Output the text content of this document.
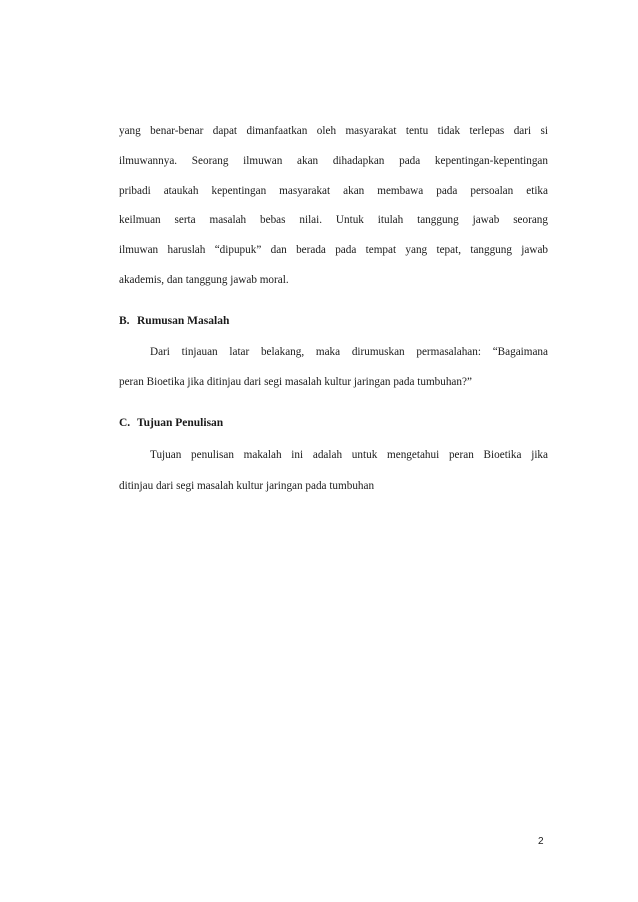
yang benar-benar dapat dimanfaatkan oleh masyarakat tentu tidak terlepas dari si
ilmuwannya. Seorang ilmuwan akan dihadapkan pada kepentingan-kepentingan
pribadi ataukah kepentingan masyarakat akan membawa pada persoalan etika
keilmuan serta masalah bebas nilai. Untuk itulah tanggung jawab seorang
ilmuwan haruslah “dipupuk” dan berada pada tempat yang tepat, tanggung jawab
akademis, dan tanggung jawab moral.
B. Rumusan Masalah
Dari tinjauan latar belakang, maka dirumuskan permasalahan: “Bagaimana
peran Bioetika jika ditinjau dari segi masalah kultur jaringan pada tumbuhan?”
C. Tujuan Penulisan
Tujuan penulisan makalah ini adalah untuk mengetahui peran Bioetika jika
ditinjau dari segi masalah kultur jaringan pada tumbuhan
2
